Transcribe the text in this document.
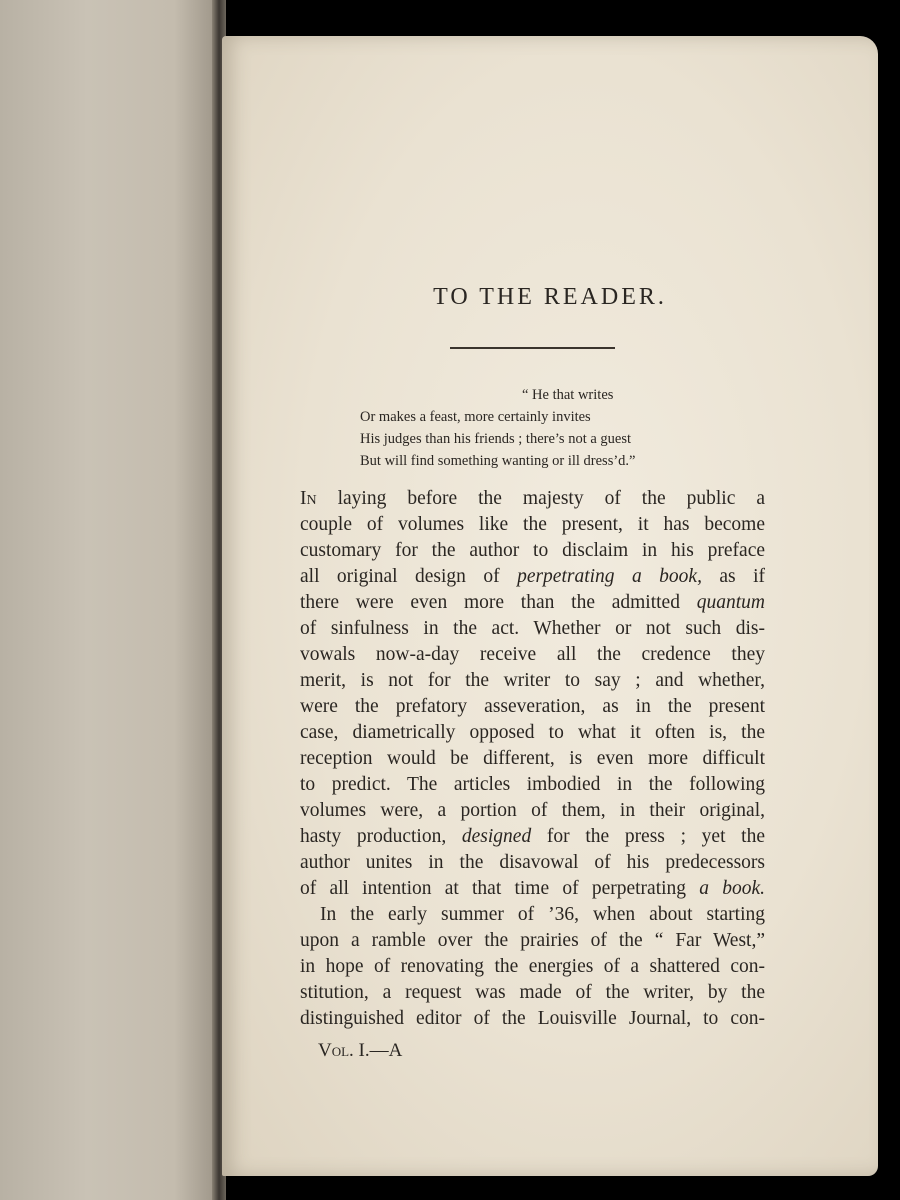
TO THE READER.
“ He that writes
Or makes a feast, more certainly invites
His judges than his friends ; there’s not a guest
But will find something wanting or ill dress’d.”
In laying before the majesty of the public a
couple of volumes like the present, it has become
customary for the author to disclaim in his preface
all original design of perpetrating a book, as if
there were even more than the admitted quantum
of sinfulness in the act. Whether or not such dis-
vowals now-a-day receive all the credence they
merit, is not for the writer to say ; and whether,
were the prefatory asseveration, as in the present
case, diametrically opposed to what it often is, the
reception would be different, is even more difficult
to predict. The articles imbodied in the following
volumes were, a portion of them, in their original,
hasty production, designed for the press ; yet the
author unites in the disavowal of his predecessors
of all intention at that time of perpetrating a book.
In the early summer of ’36, when about starting
upon a ramble over the prairies of the “ Far West,”
in hope of renovating the energies of a shattered con-
stitution, a request was made of the writer, by the
distinguished editor of the Louisville Journal, to con-
Vol. I.—A
